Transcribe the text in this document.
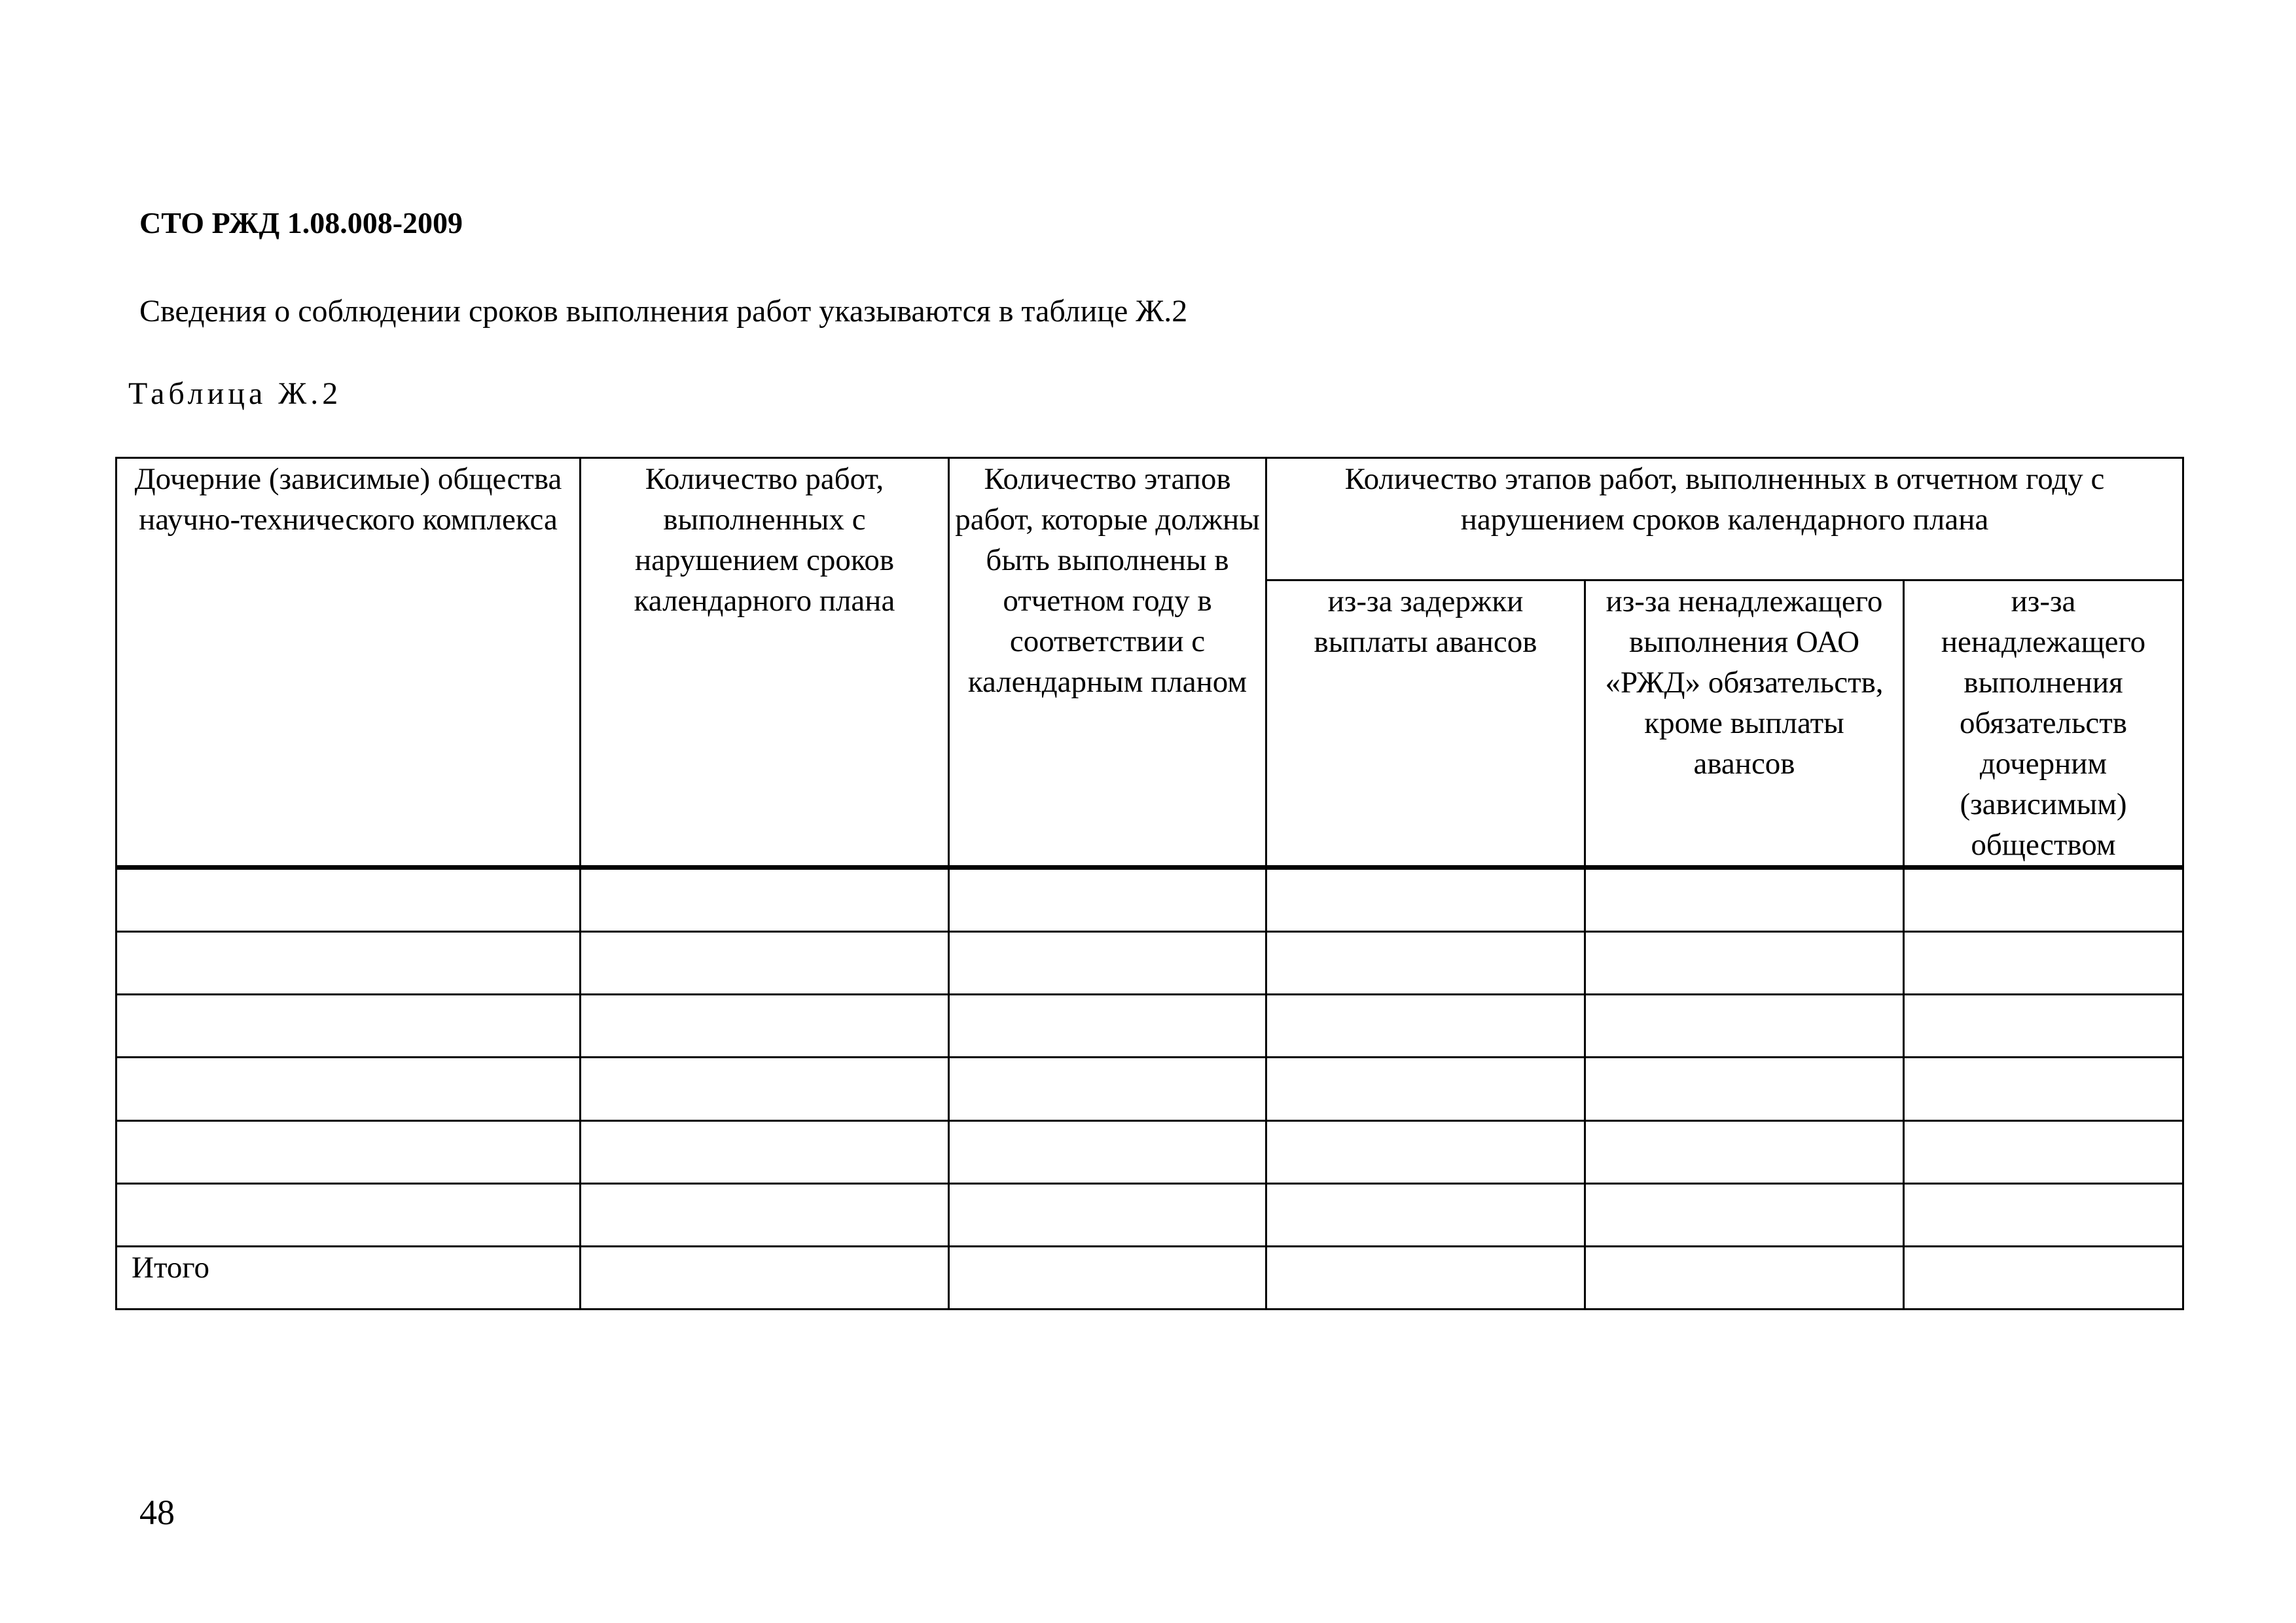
СТО РЖД 1.08.008-2009
Сведения о соблюдении сроков выполнения работ указываются в таблице Ж.2
Таблица Ж.2
Дочерние (зависимые) общества научно-технического комплекса	Количество работ, выполненных с нарушением сроков календарного плана	Количество этапов работ, которые должны быть выполнены в отчетном году в соответствии с календарным планом	Количество этапов работ, выполненных в отчетном году с нарушением сроков календарного плана		
			из-за задержки выплаты авансов	из-за ненадлежащего выполнения ОАО «РЖД» обязательств, кроме выплаты авансов	из-за ненадлежащего выполнения обязательств дочерним (зависимым) обществом

Итого					
48
